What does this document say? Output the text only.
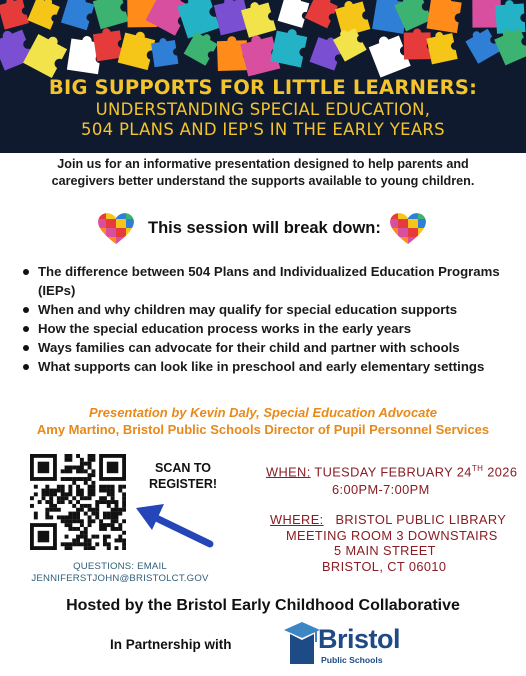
BIG SUPPORTS FOR LITTLE LEARNERS:
UNDERSTANDING SPECIAL EDUCATION,
504 PLANS AND IEP'S IN THE EARLY YEARS
Join us for an informative presentation designed to help parents and
caregivers better understand the supports available to young children.
This session will break down:
The difference between 504 Plans and Individualized Education Programs (IEPs)
When and why children may qualify for special education supports
How the special education process works in the early years
Ways families can advocate for their child and partner with schools
What supports can look like in preschool and early elementary settings
Presentation by Kevin Daly, Special Education Advocate
Amy Martino, Bristol Public Schools Director of Pupil Personnel Services
SCAN TO
REGISTER!
QUESTIONS: EMAIL
JENNIFERSTJOHN@BRISTOLCT.GOV
WHEN: TUESDAY FEBRUARY 24TH 2026
6:00PM-7:00PM
WHERE: BRISTOL PUBLIC LIBRARY
MEETING ROOM 3 DOWNSTAIRS
5 MAIN STREET
BRISTOL, CT 06010
Hosted by the Bristol Early Childhood Collaborative
In Partnership with	Bristol
Public Schools
